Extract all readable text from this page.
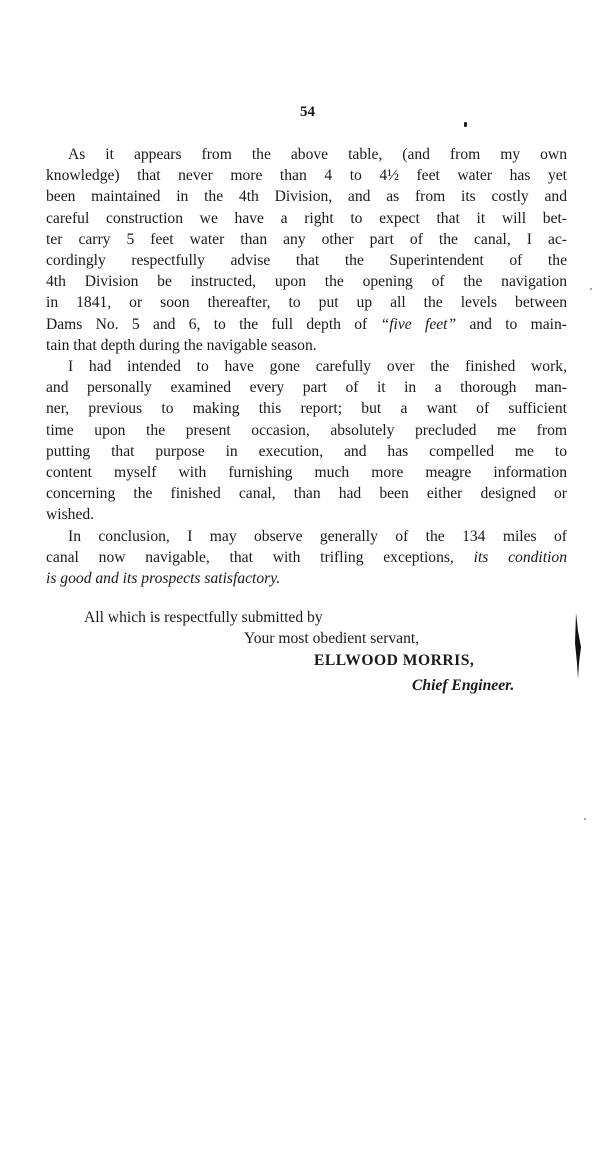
54

As it appears from the above table, (and from my own
knowledge) that never more than 4 to 4½ feet water has yet
been maintained in the 4th Division, and as from its costly and
careful construction we have a right to expect that it will bet-
ter carry 5 feet water than any other part of the canal, I ac-
cordingly respectfully advise that the Superintendent of the
4th Division be instructed, upon the opening of the navigation
in 1841, or soon thereafter, to put up all the levels between
Dams No. 5 and 6, to the full depth of “five feet” and to main-
tain that depth during the navigable season.

I had intended to have gone carefully over the finished work,
and personally examined every part of it in a thorough man-
ner, previous to making this report; but a want of sufficient
time upon the present occasion, absolutely precluded me from
putting that purpose in execution, and has compelled me to
content myself with furnishing much more meagre information
concerning the finished canal, than had been either designed or
wished.

In conclusion, I may observe generally of the 134 miles of
canal now navigable, that with trifling exceptions, its condition
is good and its prospects satisfactory.

All which is respectfully submitted by
Your most obedient servant,
ELLWOOD MORRIS,
Chief Engineer.
